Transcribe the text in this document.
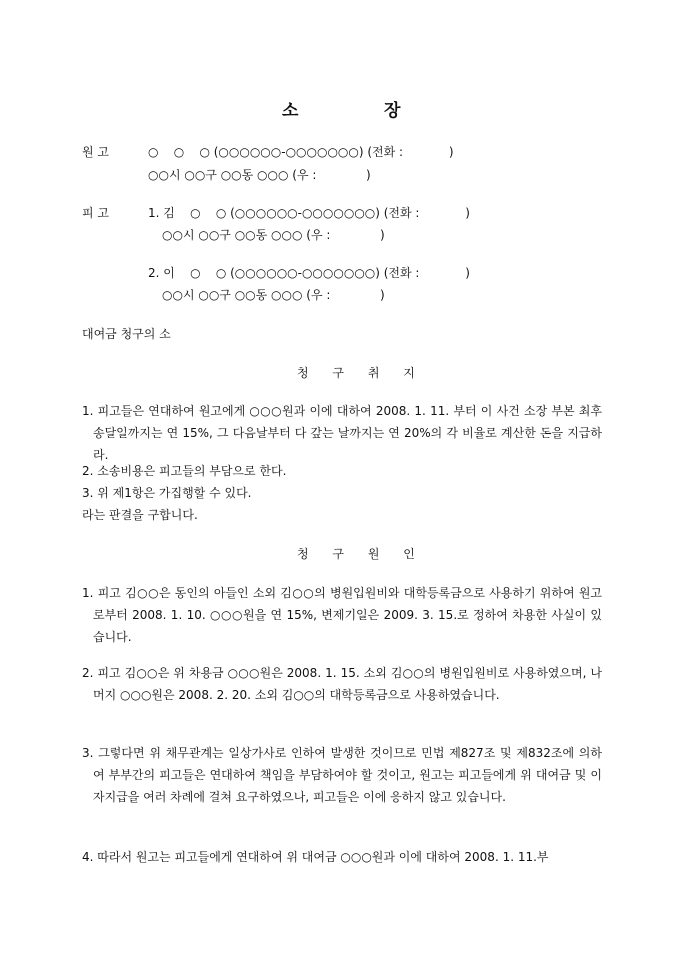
소	장
원 고	○    ○    ○ (○○○○○○-○○○○○○○) (전화 :            )
○○시 ○○구 ○○동 ○○○ (우 :             )
피 고	1. 김    ○    ○ (○○○○○○-○○○○○○○) (전화 :            )
○○시 ○○구 ○○동 ○○○ (우 :             )
2. 이    ○    ○ (○○○○○○-○○○○○○○) (전화 :            )
○○시 ○○구 ○○동 ○○○ (우 :             )
대여금 청구의 소
청 구 취 지
1. 피고들은 연대하여 원고에게 ○○○원과 이에 대하여 2008. 1. 11. 부터 이 사건 소장 부본 최후 송달일까지는 연 15%, 그 다음날부터 다 갚는 날까지는 연 20%의 각 비율로 계산한 돈을 지급하라.
2. 소송비용은 피고들의 부담으로 한다.
3. 위 제1항은 가집행할 수 있다.
라는 판결을 구합니다.
청 구 원 인
1. 피고 김○○은 동인의 아들인 소외 김○○의 병원입원비와 대학등록금으로 사용하기 위하여 원고로부터 2008. 1. 10. ○○○원을 연 15%, 변제기일은 2009. 3. 15.로 정하여 차용한 사실이 있습니다.
2. 피고 김○○은 위 차용금 ○○○원은 2008. 1. 15. 소외 김○○의 병원입원비로 사용하였으며, 나머지 ○○○원은 2008. 2. 20. 소외 김○○의 대학등록금으로 사용하였습니다.
3. 그렇다면 위 채무관계는 일상가사로 인하여 발생한 것이므로 민법 제827조 및 제832조에 의하여 부부간의 피고들은 연대하여 책임을 부담하여야 할 것이고, 원고는 피고들에게 위 대여금 및 이자지급을 여러 차례에 걸쳐 요구하였으나, 피고들은 이에 응하지 않고 있습니다.
4. 따라서 원고는 피고들에게 연대하여 위 대여금 ○○○원과 이에 대하여 2008. 1. 11.부
